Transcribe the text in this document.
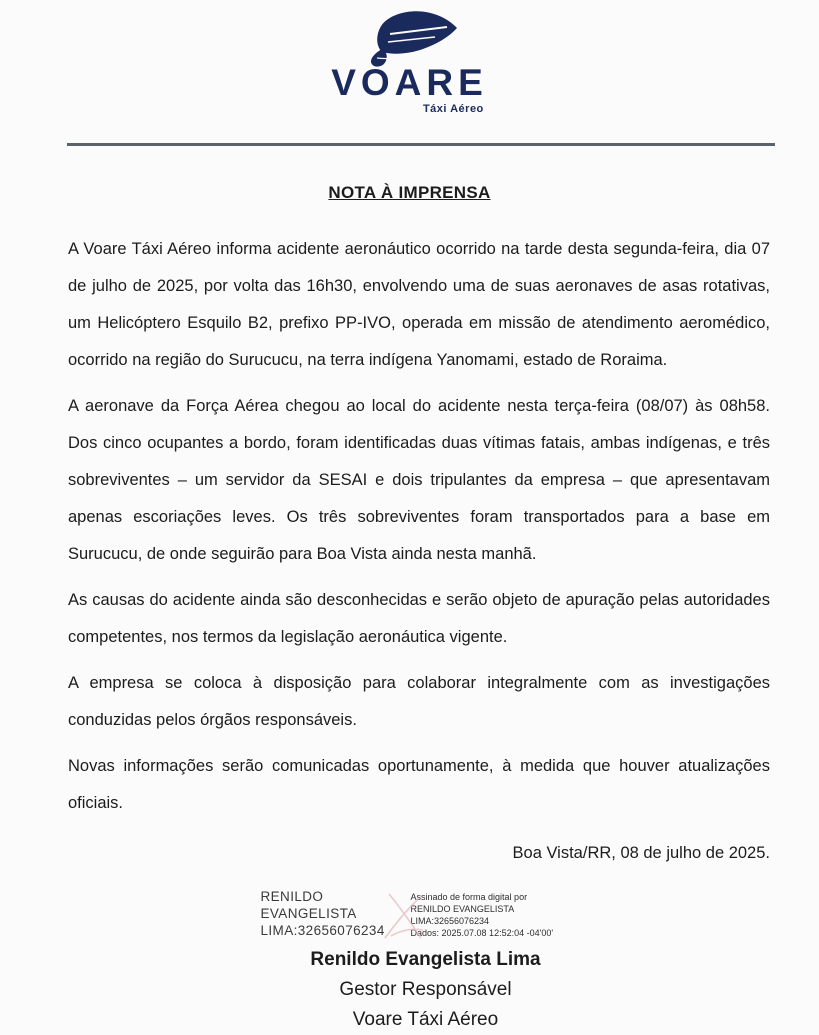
VOARE
Táxi Aéreo
NOTA À IMPRENSA

A Voare Táxi Aéreo informa acidente aeronáutico ocorrido na tarde desta segunda-feira, dia 07 de julho de 2025, por volta das 16h30, envolvendo uma de suas aeronaves de asas rotativas, um Helicóptero Esquilo B2, prefixo PP-IVO, operada em missão de atendimento aeromédico, ocorrido na região do Surucucu, na terra indígena Yanomami, estado de Roraima.

A aeronave da Força Aérea chegou ao local do acidente nesta terça-feira (08/07) às 08h58. Dos cinco ocupantes a bordo, foram identificadas duas vítimas fatais, ambas indígenas, e três sobreviventes – um servidor da SESAI e dois tripulantes da empresa – que apresentavam apenas escoriações leves. Os três sobreviventes foram transportados para a base em Surucucu, de onde seguirão para Boa Vista ainda nesta manhã.

As causas do acidente ainda são desconhecidas e serão objeto de apuração pelas autoridades competentes, nos termos da legislação aeronáutica vigente.

A empresa se coloca à disposição para colaborar integralmente com as investigações conduzidas pelos órgãos responsáveis.

Novas informações serão comunicadas oportunamente, à medida que houver atualizações oficiais.

Boa Vista/RR, 08 de julho de 2025.
RENILDO
EVANGELISTA
LIMA:32656076234
Assinado de forma digital por
RENILDO EVANGELISTA
LIMA:32656076234
Dados: 2025.07.08 12:52:04 -04'00'
Renildo Evangelista Lima
Gestor Responsável
Voare Táxi Aéreo
